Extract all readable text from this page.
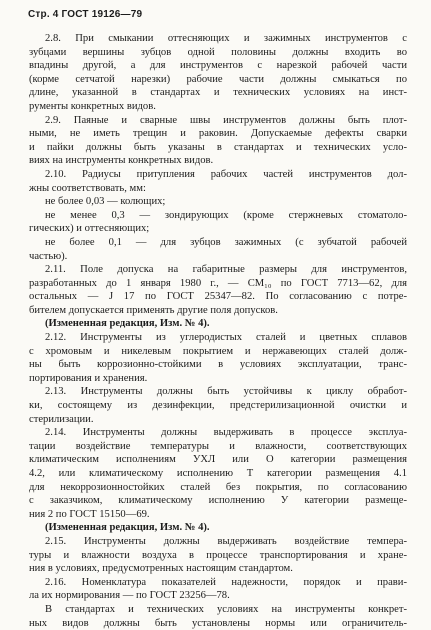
Стр. 4 ГОСТ 19126—79
2.8. При смыкании оттесняющих и зажимных инструментов с
зубцами вершины зубцов одной половины должны входить во
впадины другой, а для инструментов с нарезкой рабочей части
(корме сетчатой нарезки) рабочие части должны смыкаться по
длине, указанной в стандартах и технических условиях на инст-
рументы конкретных видов.
2.9. Паяные и сварные швы инструментов должны быть плот-
ными, не иметь трещин и раковин. Допускаемые дефекты сварки
и пайки должны быть указаны в стандартах и технических усло-
виях на инструменты конкретных видов.
2.10. Радиусы притупления рабочих частей инструментов дол-
жны соответствовать, мм:
не более 0,03 — колющих;
не менее 0,3 — зондирующих (кроме стержневых стоматоло-
гических) и оттесняющих;
не более 0,1 — для зубцов зажимных (с зубчатой рабочей
частью).
2.11. Поле допуска на габаритные размеры для инструментов,
разработанных до 1 января 1980 г., — CM₁₀ по ГОСТ 7713—62, для
остальных — J 17 по ГОСТ 25347—82. По согласованию с потре-
бителем допускается применять другие поля допусков.
(Измененная редакция, Изм. № 4).
2.12. Инструменты из углеродистых сталей и цветных сплавов
с хромовым и никелевым покрытием и нержавеющих сталей долж-
ны быть коррозионно-стойкими в условиях эксплуатации, транс-
портирования и хранения.
2.13. Инструменты должны быть устойчивы к циклу обработ-
ки, состоящему из дезинфекции, предстерилизационной очистки и
стерилизации.
2.14. Инструменты должны выдерживать в процессе эксплуа-
тации воздействие температуры и влажности, соответствующих
климатическим исполнениям УХЛ или О категории размещения
4.2, или климатическому исполнению Т категории размещения 4.1
для некоррозионностойких сталей без покрытия, по согласованию
с заказчиком, климатическому исполнению У категории размеще-
ния 2 по ГОСТ 15150—69.
(Измененная редакция, Изм. № 4).
2.15. Инструменты должны выдерживать воздействие темпера-
туры и влажности воздуха в процессе транспортирования и хране-
ния в условиях, предусмотренных настоящим стандартом.
2.16. Номенклатура показателей надежности, порядок и прави-
ла их нормирования — по ГОСТ 23256—78.
В стандартах и технических условиях на инструменты конкрет-
ных видов должны быть установлены нормы или ограничитель-
